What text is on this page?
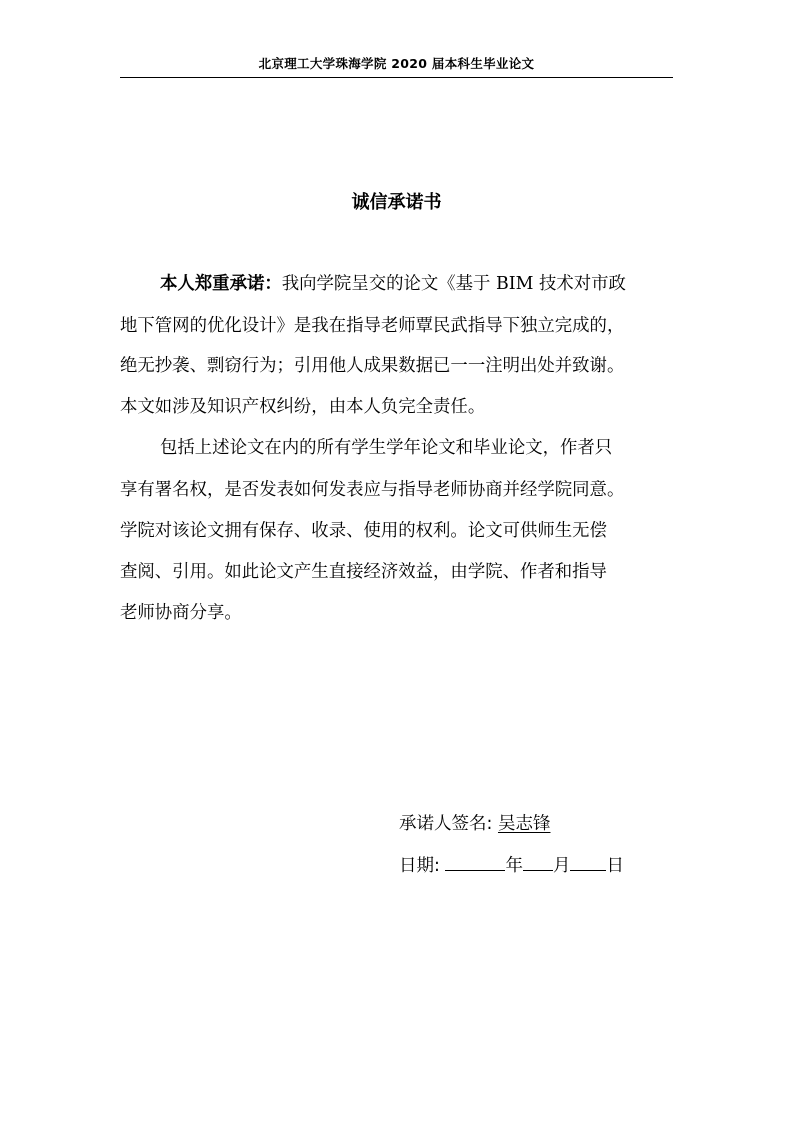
北京理工大学珠海学院 2020 届本科生毕业论文
诚信承诺书
本人郑重承诺：我向学院呈交的论文《基于 BIM 技术对市政
地下管网的优化设计》是我在指导老师覃民武指导下独立完成的，
绝无抄袭、剽窃行为；引用他人成果数据已一一注明出处并致谢。
本文如涉及知识产权纠纷，由本人负完全责任。
包括上述论文在内的所有学生学年论文和毕业论文，作者只
享有署名权，是否发表如何发表应与指导老师协商并经学院同意。
学院对该论文拥有保存、收录、使用的权利。论文可供师生无偿
查阅、引用。如此论文产生直接经济效益，由学院、作者和指导
老师协商分享。
承诺人签名: 吴志锋
日期:	年 月 日
